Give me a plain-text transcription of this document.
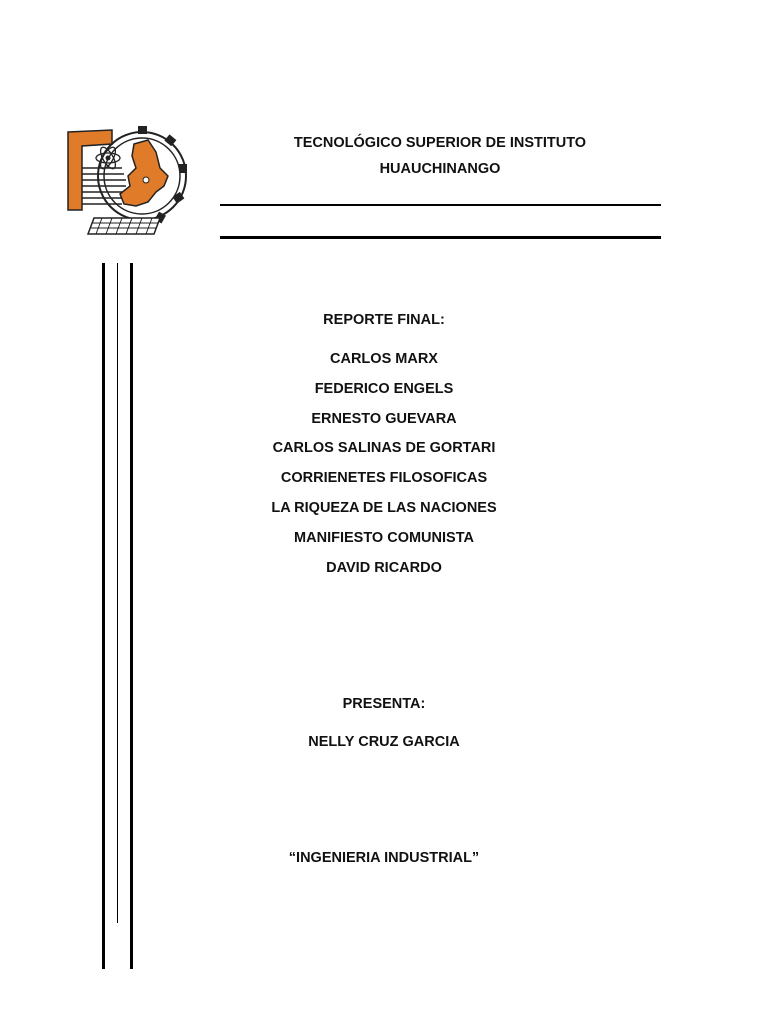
TECNOLÓGICO SUPERIOR DE INSTITUTO
HUAUCHINANGO
REPORTE FINAL:
CARLOS MARX
FEDERICO ENGELS
ERNESTO GUEVARA
CARLOS SALINAS DE GORTARI
CORRIENETES FILOSOFICAS
LA RIQUEZA DE LAS NACIONES
MANIFIESTO COMUNISTA
DAVID RICARDO
PRESENTA:
NELLY CRUZ GARCIA
“INGENIERIA INDUSTRIAL”
